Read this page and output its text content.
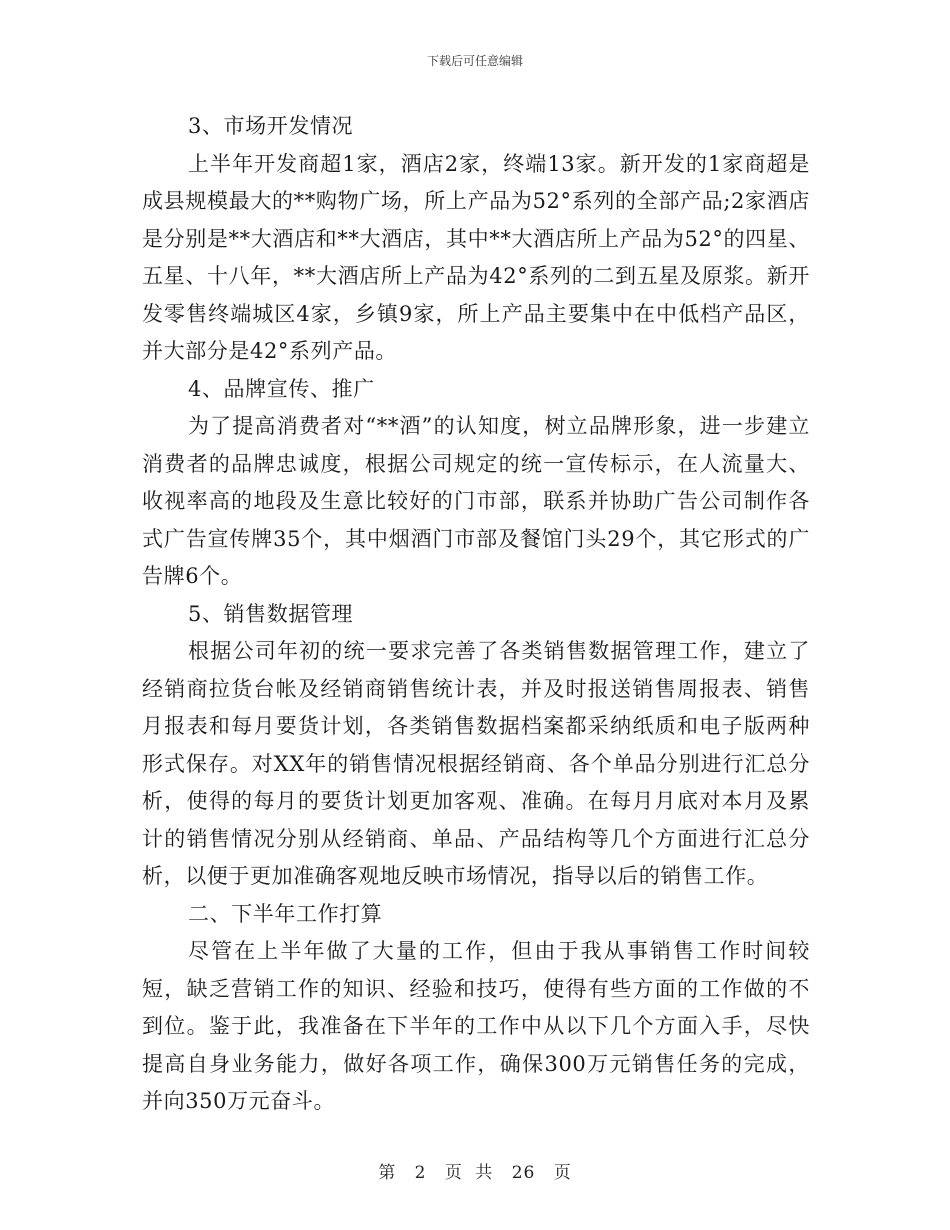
下载后可任意编辑

3、市场开发情况

上半年开发商超1家，酒店2家，终端13家。新开发的1家商超是成县规模最大的**购物广场，所上产品为52°系列的全部产品;2家酒店是分别是**大酒店和**大酒店，其中**大酒店所上产品为52°的四星、五星、十八年，**大酒店所上产品为42°系列的二到五星及原浆。新开发零售终端城区4家，乡镇9家，所上产品主要集中在中低档产品区，并大部分是42°系列产品。

4、品牌宣传、推广

为了提高消费者对“**酒”的认知度，树立品牌形象，进一步建立消费者的品牌忠诚度，根据公司规定的统一宣传标示，在人流量大、收视率高的地段及生意比较好的门市部，联系并协助广告公司制作各式广告宣传牌35个，其中烟酒门市部及餐馆门头29个，其它形式的广告牌6个。

5、销售数据管理

根据公司年初的统一要求完善了各类销售数据管理工作，建立了经销商拉货台帐及经销商销售统计表，并及时报送销售周报表、销售月报表和每月要货计划，各类销售数据档案都采纳纸质和电子版两种形式保存。对XX年的销售情况根据经销商、各个单品分别进行汇总分析，使得的每月的要货计划更加客观、准确。在每月月底对本月及累计的销售情况分别从经销商、单品、产品结构等几个方面进行汇总分析，以便于更加准确客观地反映市场情况，指导以后的销售工作。

二、下半年工作打算

尽管在上半年做了大量的工作，但由于我从事销售工作时间较短，缺乏营销工作的知识、经验和技巧，使得有些方面的工作做的不到位。鉴于此，我准备在下半年的工作中从以下几个方面入手，尽快提高自身业务能力，做好各项工作，确保300万元销售任务的完成，并向350万元奋斗。

第 2 页 共 26 页
